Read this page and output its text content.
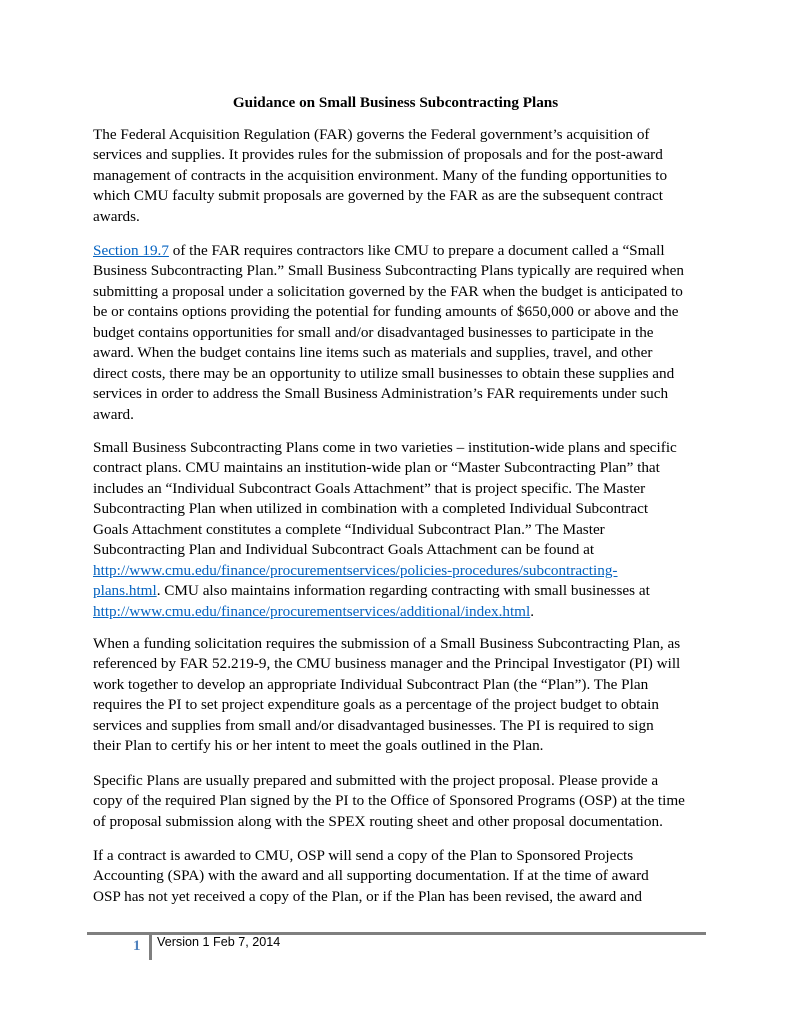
Guidance on Small Business Subcontracting Plans

The Federal Acquisition Regulation (FAR) governs the Federal government’s acquisition of

services and supplies. It provides rules for the submission of proposals and for the post-award

management of contracts in the acquisition environment. Many of the funding opportunities to

which CMU faculty submit proposals are governed by the FAR as are the subsequent contract

awards.

Section 19.7 of the FAR requires contractors like CMU to prepare a document called a “Small

Business Subcontracting Plan.” Small Business Subcontracting Plans typically are required when

submitting a proposal under a solicitation governed by the FAR when the budget is anticipated to

be or contains options providing the potential for funding amounts of $650,000 or above and the

budget contains opportunities for small and/or disadvantaged businesses to participate in the

award. When the budget contains line items such as materials and supplies, travel, and other

direct costs, there may be an opportunity to utilize small businesses to obtain these supplies and

services in order to address the Small Business Administration’s FAR requirements under such

award.

Small Business Subcontracting Plans come in two varieties – institution-wide plans and specific

contract plans. CMU maintains an institution-wide plan or “Master Subcontracting Plan” that

includes an “Individual Subcontract Goals Attachment” that is project specific. The Master

Subcontracting Plan when utilized in combination with a completed Individual Subcontract

Goals Attachment constitutes a complete “Individual Subcontract Plan.” The Master

Subcontracting Plan and Individual Subcontract Goals Attachment can be found at

http://www.cmu.edu/finance/procurementservices/policies-procedures/subcontracting-

plans.html. CMU also maintains information regarding contracting with small businesses at

http://www.cmu.edu/finance/procurementservices/additional/index.html.

When a funding solicitation requires the submission of a Small Business Subcontracting Plan, as

referenced by FAR 52.219-9, the CMU business manager and the Principal Investigator (PI) will

work together to develop an appropriate Individual Subcontract Plan (the “Plan”). The Plan

requires the PI to set project expenditure goals as a percentage of the project budget to obtain

services and supplies from small and/or disadvantaged businesses. The PI is required to sign

their Plan to certify his or her intent to meet the goals outlined in the Plan.

Specific Plans are usually prepared and submitted with the project proposal. Please provide a

copy of the required Plan signed by the PI to the Office of Sponsored Programs (OSP) at the time

of proposal submission along with the SPEX routing sheet and other proposal documentation.

If a contract is awarded to CMU, OSP will send a copy of the Plan to Sponsored Projects

Accounting (SPA) with the award and all supporting documentation. If at the time of award

OSP has not yet received a copy of the Plan, or if the Plan has been revised, the award and

1 Version 1 Feb 7, 2014
